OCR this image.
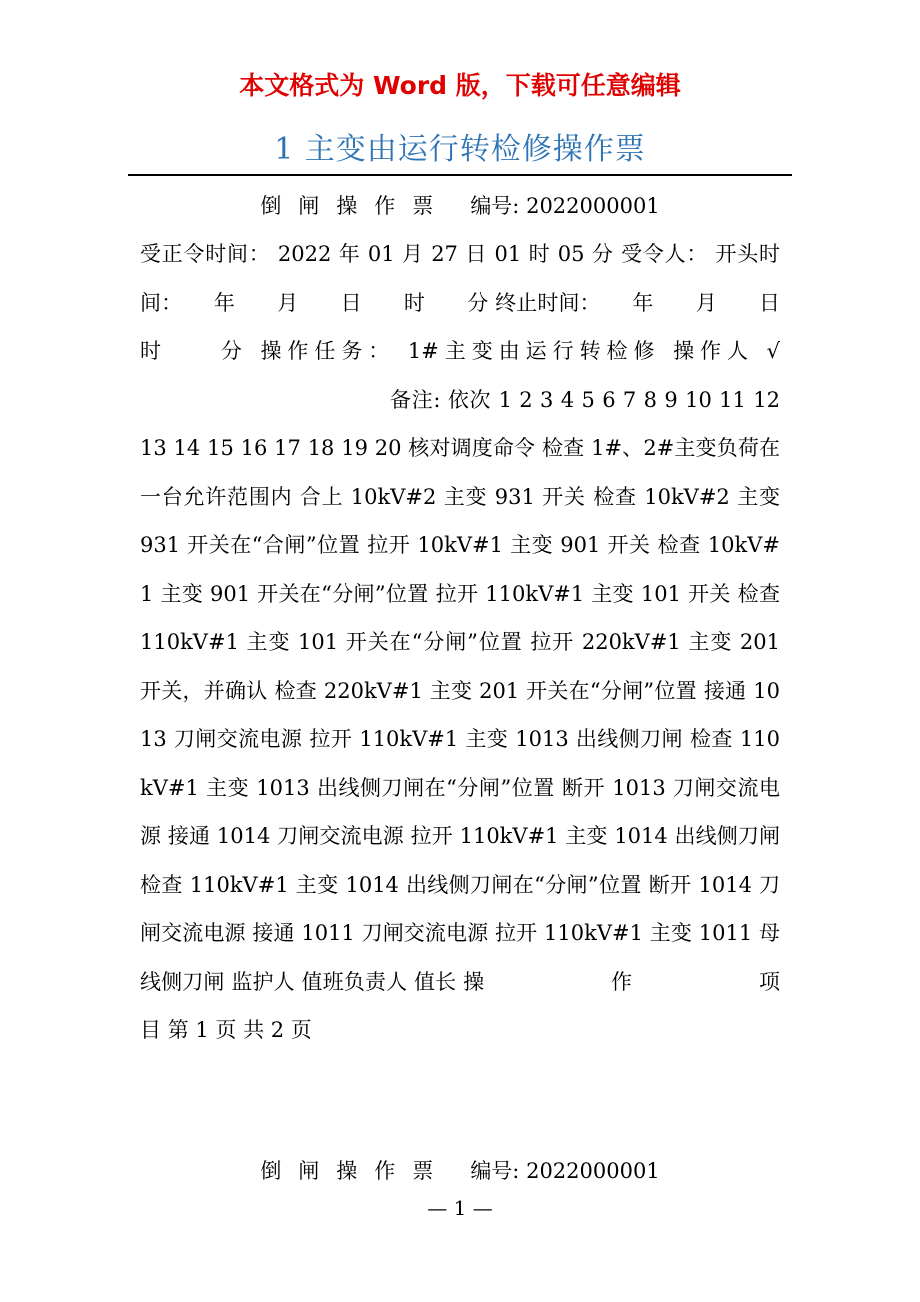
本文格式为 Word 版，下载可任意编辑
1 主变由运行转检修操作票
倒闸操作票 编号: 2022000001
受正令时间： 2022 年 01 月 27 日 01 时 05 分 受令人： 开头时间：　　年　　月　　日　　时　　分 终止时间：　　年　　月　　日　　时　　分 操作任务： 1#主变由运行转检修 操作人 √ 备注: 依次 1 2 3 4 5 6 7 8 9 10 11 12 13 14 15 16 17 18 19 20 核对调度命令 检查 1#、2#主变负荷在一台允许范围内 合上 10kV#2 主变 931 开关 检查 10kV#2 主变 931 开关在“合闸”位置 拉开 10kV#1 主变 901 开关 检查 10kV#1 主变 901 开关在“分闸”位置 拉开 110kV#1 主变 101 开关 检查 110kV#1 主变 101 开关在“分闸”位置 拉开 220kV#1 主变 201 开关，并确认 检查 220kV#1 主变 201 开关在“分闸”位置 接通 1013 刀闸交流电源 拉开 110kV#1 主变 1013 出线侧刀闸 检查 110kV#1 主变 1013 出线侧刀闸在“分闸”位置 断开 1013 刀闸交流电源 接通 1014 刀闸交流电源 拉开 110kV#1 主变 1014 出线侧刀闸 检查 110kV#1 主变 1014 出线侧刀闸在“分闸”位置 断开 1014 刀闸交流电源 接通 1011 刀闸交流电源 拉开 110kV#1 主变 1011 母线侧刀闸 监护人 值班负责人 值长 操　　　　　　作　　　　　　项　　　　　　目 第 1 页 共 2 页
倒闸操作票 编号: 2022000001
— 1 —
